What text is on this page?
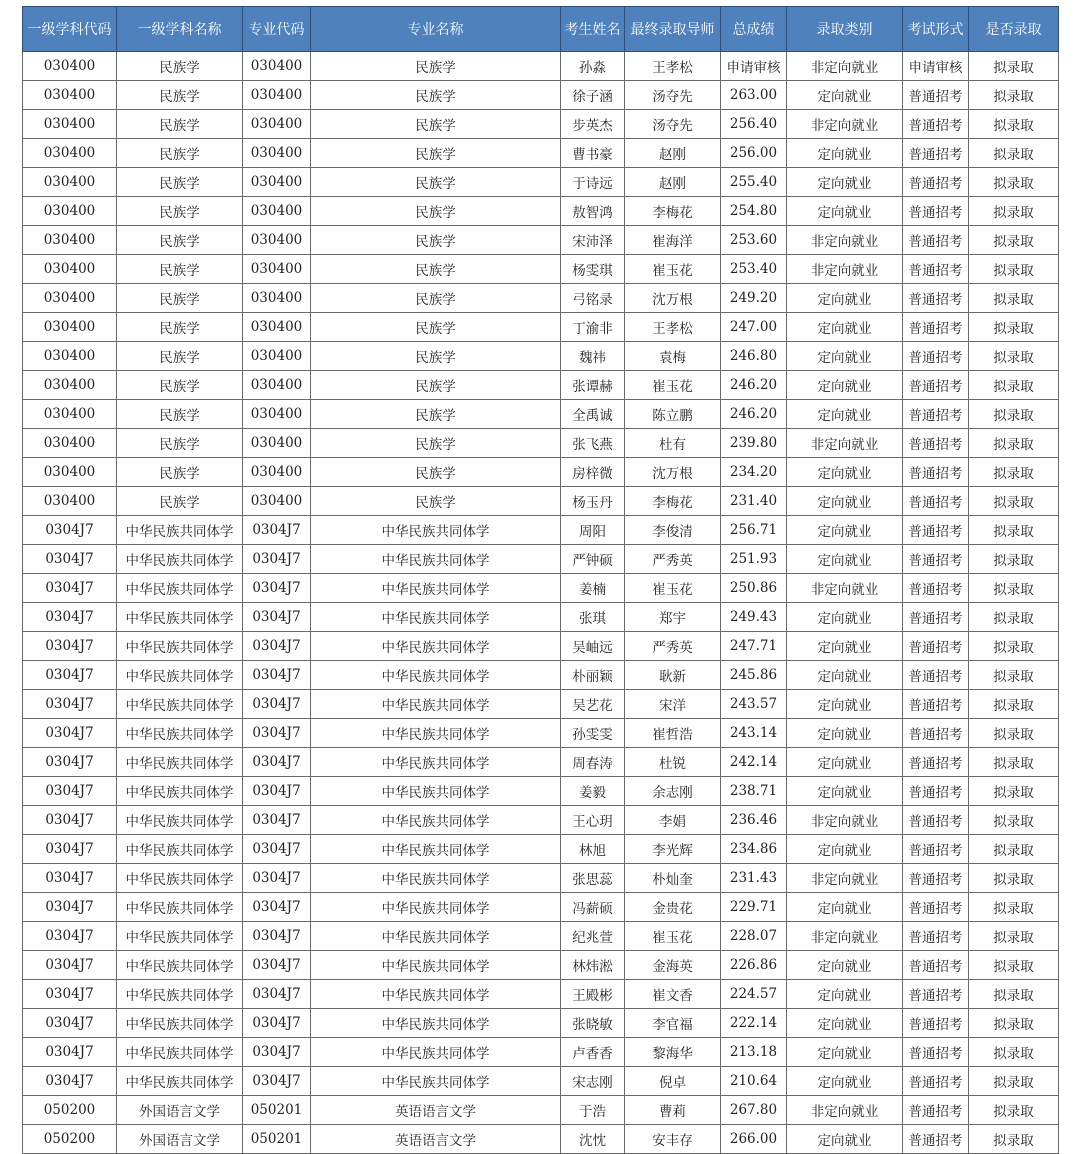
一级学科代码	一级学科名称	专业代码	专业名称	考生姓名	最终录取导师	总成绩	录取类别	考试形式	是否录取
030400	民族学	030400	民族学	孙淼	王孝松	申请审核	非定向就业	申请审核	拟录取
030400	民族学	030400	民族学	徐子涵	汤夺先	263.00	定向就业	普通招考	拟录取
030400	民族学	030400	民族学	步英杰	汤夺先	256.40	非定向就业	普通招考	拟录取
030400	民族学	030400	民族学	曹书豪	赵刚	256.00	定向就业	普通招考	拟录取
030400	民族学	030400	民族学	于诗远	赵刚	255.40	定向就业	普通招考	拟录取
030400	民族学	030400	民族学	敖智鸿	李梅花	254.80	定向就业	普通招考	拟录取
030400	民族学	030400	民族学	宋沛泽	崔海洋	253.60	非定向就业	普通招考	拟录取
030400	民族学	030400	民族学	杨雯琪	崔玉花	253.40	非定向就业	普通招考	拟录取
030400	民族学	030400	民族学	弓铭录	沈万根	249.20	定向就业	普通招考	拟录取
030400	民族学	030400	民族学	丁渝非	王孝松	247.00	定向就业	普通招考	拟录取
030400	民族学	030400	民族学	魏祎	袁梅	246.80	定向就业	普通招考	拟录取
030400	民族学	030400	民族学	张谭赫	崔玉花	246.20	定向就业	普通招考	拟录取
030400	民族学	030400	民族学	全禹诚	陈立鹏	246.20	定向就业	普通招考	拟录取
030400	民族学	030400	民族学	张飞燕	杜有	239.80	非定向就业	普通招考	拟录取
030400	民族学	030400	民族学	房梓微	沈万根	234.20	定向就业	普通招考	拟录取
030400	民族学	030400	民族学	杨玉丹	李梅花	231.40	定向就业	普通招考	拟录取
0304J7	中华民族共同体学	0304J7	中华民族共同体学	周阳	李俊清	256.71	定向就业	普通招考	拟录取
0304J7	中华民族共同体学	0304J7	中华民族共同体学	严钟硕	严秀英	251.93	定向就业	普通招考	拟录取
0304J7	中华民族共同体学	0304J7	中华民族共同体学	姜楠	崔玉花	250.86	非定向就业	普通招考	拟录取
0304J7	中华民族共同体学	0304J7	中华民族共同体学	张琪	郑宇	249.43	定向就业	普通招考	拟录取
0304J7	中华民族共同体学	0304J7	中华民族共同体学	吴岫远	严秀英	247.71	定向就业	普通招考	拟录取
0304J7	中华民族共同体学	0304J7	中华民族共同体学	朴丽颖	耿新	245.86	定向就业	普通招考	拟录取
0304J7	中华民族共同体学	0304J7	中华民族共同体学	吴艺花	宋洋	243.57	定向就业	普通招考	拟录取
0304J7	中华民族共同体学	0304J7	中华民族共同体学	孙雯雯	崔哲浩	243.14	定向就业	普通招考	拟录取
0304J7	中华民族共同体学	0304J7	中华民族共同体学	周春涛	杜锐	242.14	定向就业	普通招考	拟录取
0304J7	中华民族共同体学	0304J7	中华民族共同体学	姜毅	余志刚	238.71	定向就业	普通招考	拟录取
0304J7	中华民族共同体学	0304J7	中华民族共同体学	王心玥	李娟	236.46	非定向就业	普通招考	拟录取
0304J7	中华民族共同体学	0304J7	中华民族共同体学	林旭	李光辉	234.86	定向就业	普通招考	拟录取
0304J7	中华民族共同体学	0304J7	中华民族共同体学	张思蕊	朴灿奎	231.43	非定向就业	普通招考	拟录取
0304J7	中华民族共同体学	0304J7	中华民族共同体学	冯薪硕	金贵花	229.71	定向就业	普通招考	拟录取
0304J7	中华民族共同体学	0304J7	中华民族共同体学	纪兆萱	崔玉花	228.07	非定向就业	普通招考	拟录取
0304J7	中华民族共同体学	0304J7	中华民族共同体学	林炜淞	金海英	226.86	定向就业	普通招考	拟录取
0304J7	中华民族共同体学	0304J7	中华民族共同体学	王殿彬	崔文香	224.57	定向就业	普通招考	拟录取
0304J7	中华民族共同体学	0304J7	中华民族共同体学	张晓敏	李官福	222.14	定向就业	普通招考	拟录取
0304J7	中华民族共同体学	0304J7	中华民族共同体学	卢香香	黎海华	213.18	定向就业	普通招考	拟录取
0304J7	中华民族共同体学	0304J7	中华民族共同体学	宋志刚	倪卓	210.64	定向就业	普通招考	拟录取
050200	外国语言文学	050201	英语语言文学	于浩	曹莉	267.80	非定向就业	普通招考	拟录取
050200	外国语言文学	050201	英语语言文学	沈忱	安丰存	266.00	定向就业	普通招考	拟录取
